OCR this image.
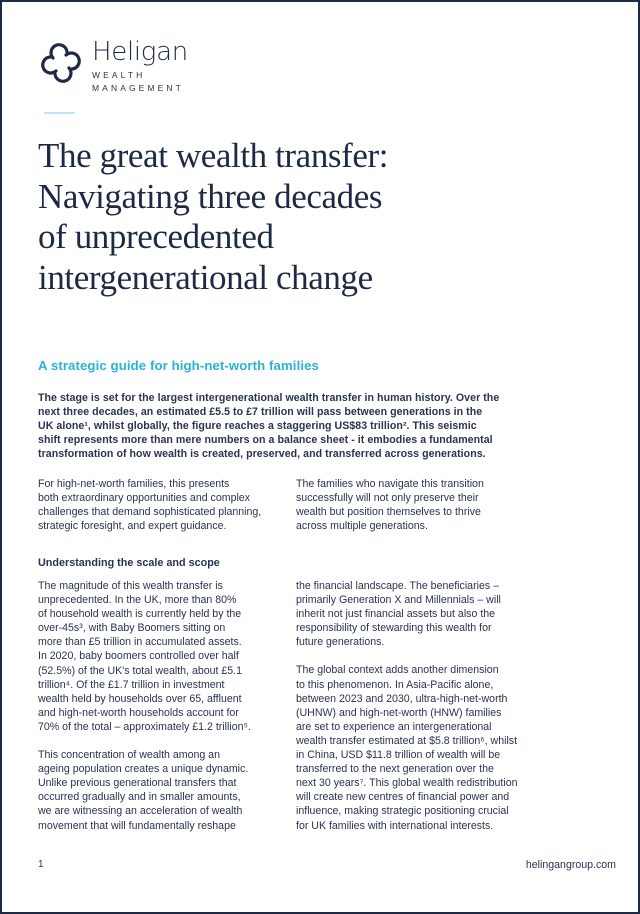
Heligan
WEALTH
MANAGEMENT
The great wealth transfer:
Navigating three decades
of unprecedented
intergenerational change
A strategic guide for high-net-worth families
The stage is set for the largest intergenerational wealth transfer in human history. Over the
next three decades, an estimated £5.5 to £7 trillion will pass between generations in the
UK alone¹, whilst globally, the figure reaches a staggering US$83 trillion². This seismic
shift represents more than mere numbers on a balance sheet - it embodies a fundamental
transformation of how wealth is created, preserved, and transferred across generations.
For high-net-worth families, this presents
both extraordinary opportunities and complex
challenges that demand sophisticated planning,
strategic foresight, and expert guidance.
The families who navigate this transition
successfully will not only preserve their
wealth but position themselves to thrive
across multiple generations.
Understanding the scale and scope

The magnitude of this wealth transfer is
unprecedented. In the UK, more than 80%
of household wealth is currently held by the
over-45s³, with Baby Boomers sitting on
more than £5 trillion in accumulated assets.
In 2020, baby boomers controlled over half
(52.5%) of the UK's total wealth, about £5.1
trillion⁴. Of the £1.7 trillion in investment
wealth held by households over 65, affluent
and high-net-worth households account for
70% of the total – approximately £1.2 trillion⁵.

This concentration of wealth among an
ageing population creates a unique dynamic.
Unlike previous generational transfers that
occurred gradually and in smaller amounts,
we are witnessing an acceleration of wealth
movement that will fundamentally reshape

the financial landscape. The beneficiaries –
primarily Generation X and Millennials – will
inherit not just financial assets but also the
responsibility of stewarding this wealth for
future generations.

The global context adds another dimension
to this phenomenon. In Asia-Pacific alone,
between 2023 and 2030, ultra-high-net-worth
(UHNW) and high-net-worth (HNW) families
are set to experience an intergenerational
wealth transfer estimated at $5.8 trillion⁶, whilst
in China, USD $11.8 trillion of wealth will be
transferred to the next generation over the
next 30 years⁷. This global wealth redistribution
will create new centres of financial power and
influence, making strategic positioning crucial
for UK families with international interests.

1	helingangroup.com
